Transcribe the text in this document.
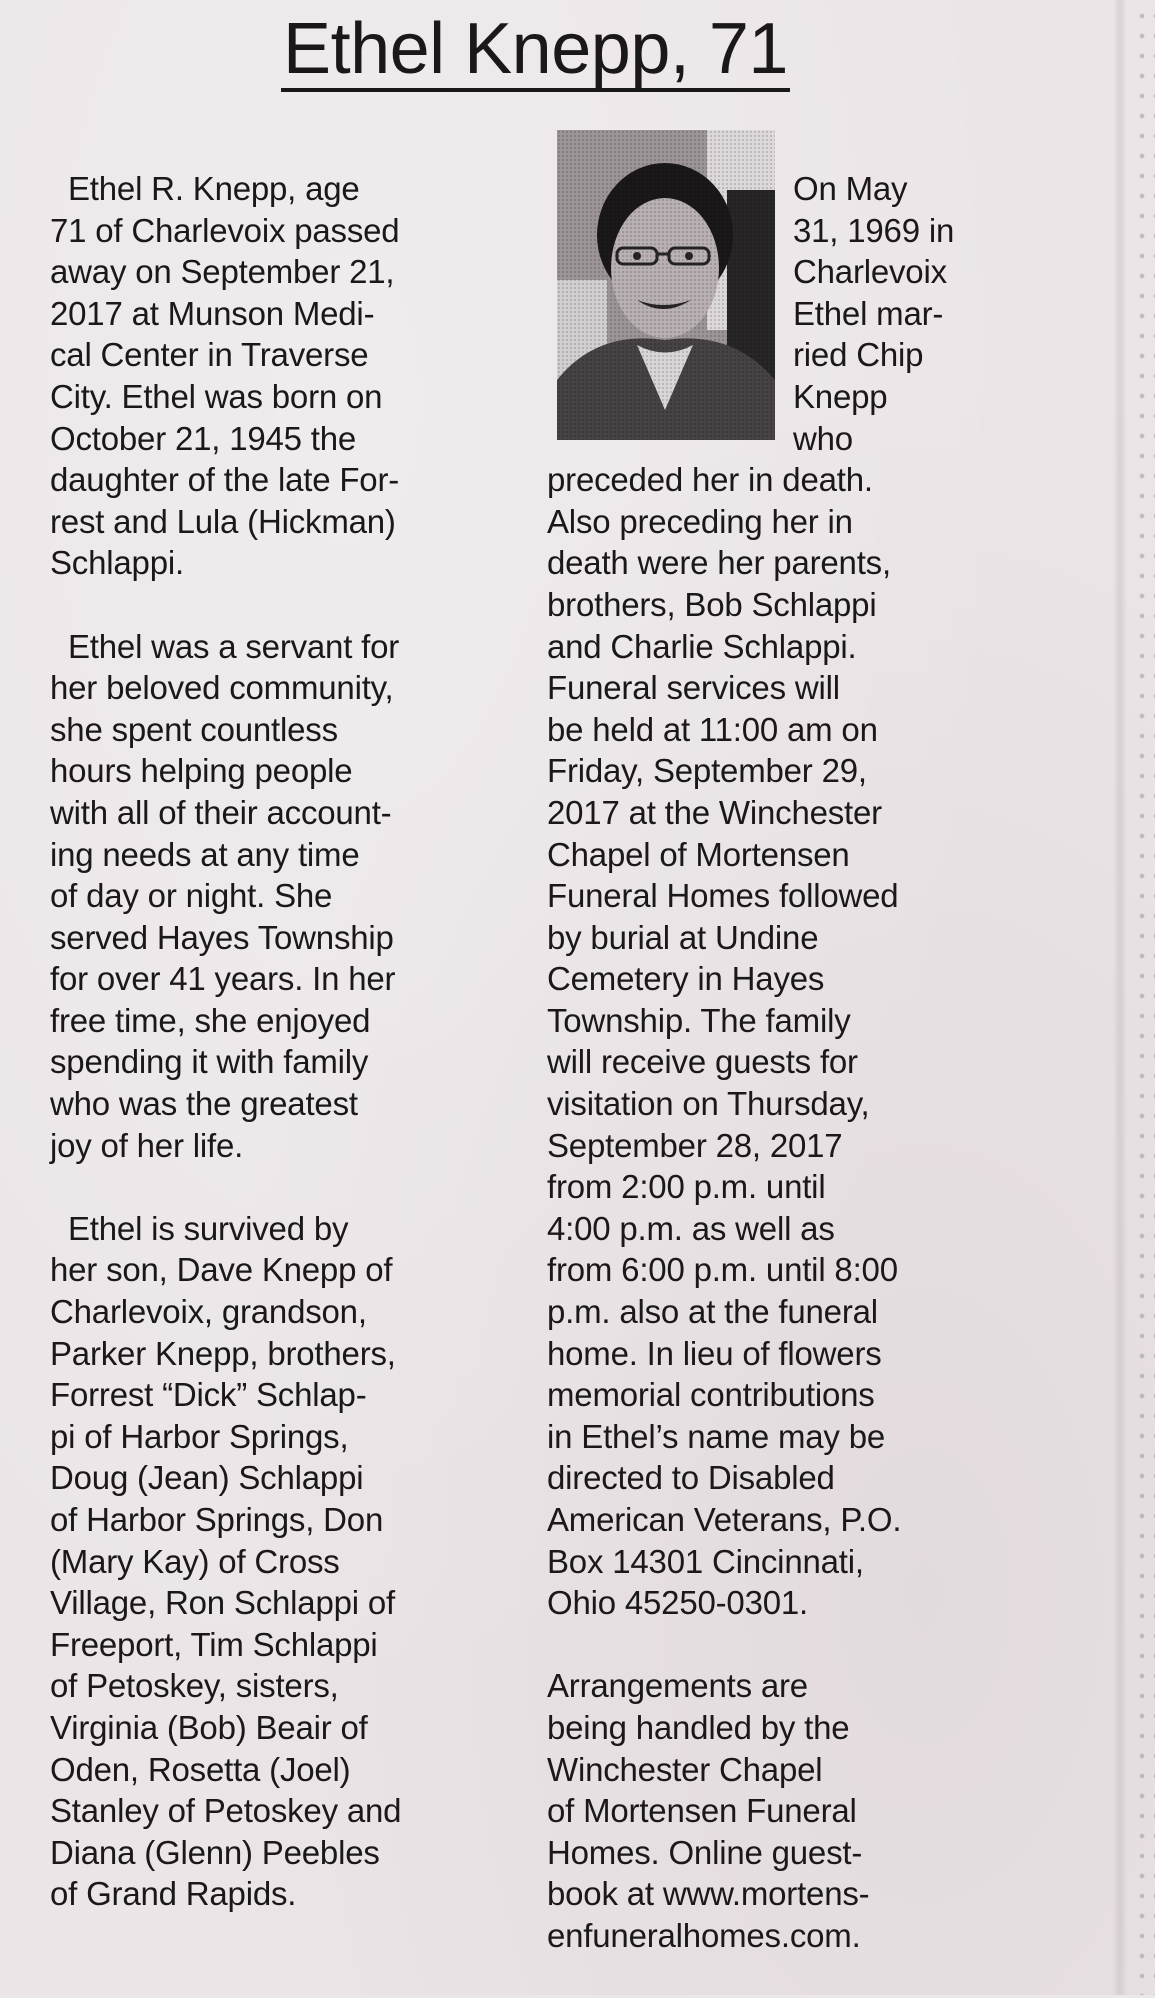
Ethel Knepp, 71

Ethel R. Knepp, age
71 of Charlevoix passed
away on September 21,
2017 at Munson Medi-
cal Center in Traverse
City. Ethel was born on
October 21, 1945 the
daughter of the late For-
rest and Lula (Hickman)
Schlappi.

Ethel was a servant for
her beloved community,
she spent countless
hours helping people
with all of their account-
ing needs at any time
of day or night. She
served Hayes Township
for over 41 years. In her
free time, she enjoyed
spending it with family
who was the greatest
joy of her life.

Ethel is survived by
her son, Dave Knepp of
Charlevoix, grandson,
Parker Knepp, brothers,
Forrest “Dick” Schlap-
pi of Harbor Springs,
Doug (Jean) Schlappi
of Harbor Springs, Don
(Mary Kay) of Cross
Village, Ron Schlappi of
Freeport, Tim Schlappi
of Petoskey, sisters,
Virginia (Bob) Beair of
Oden, Rosetta (Joel)
Stanley of Petoskey and
Diana (Glenn) Peebles
of Grand Rapids.

On May
31, 1969 in
Charlevoix
Ethel mar-
ried Chip
Knepp
who

preceded her in death.
Also preceding her in
death were her parents,
brothers, Bob Schlappi
and Charlie Schlappi.
Funeral services will
be held at 11:00 am on
Friday, September 29,
2017 at the Winchester
Chapel of Mortensen
Funeral Homes followed
by burial at Undine
Cemetery in Hayes
Township. The family
will receive guests for
visitation on Thursday,
September 28, 2017
from 2:00 p.m. until
4:00 p.m. as well as
from 6:00 p.m. until 8:00
p.m. also at the funeral
home. In lieu of flowers
memorial contributions
in Ethel’s name may be
directed to Disabled
American Veterans, P.O.
Box 14301 Cincinnati,
Ohio 45250-0301.

Arrangements are
being handled by the
Winchester Chapel
of Mortensen Funeral
Homes. Online guest-
book at www.mortens-
enfuneralhomes.com.
